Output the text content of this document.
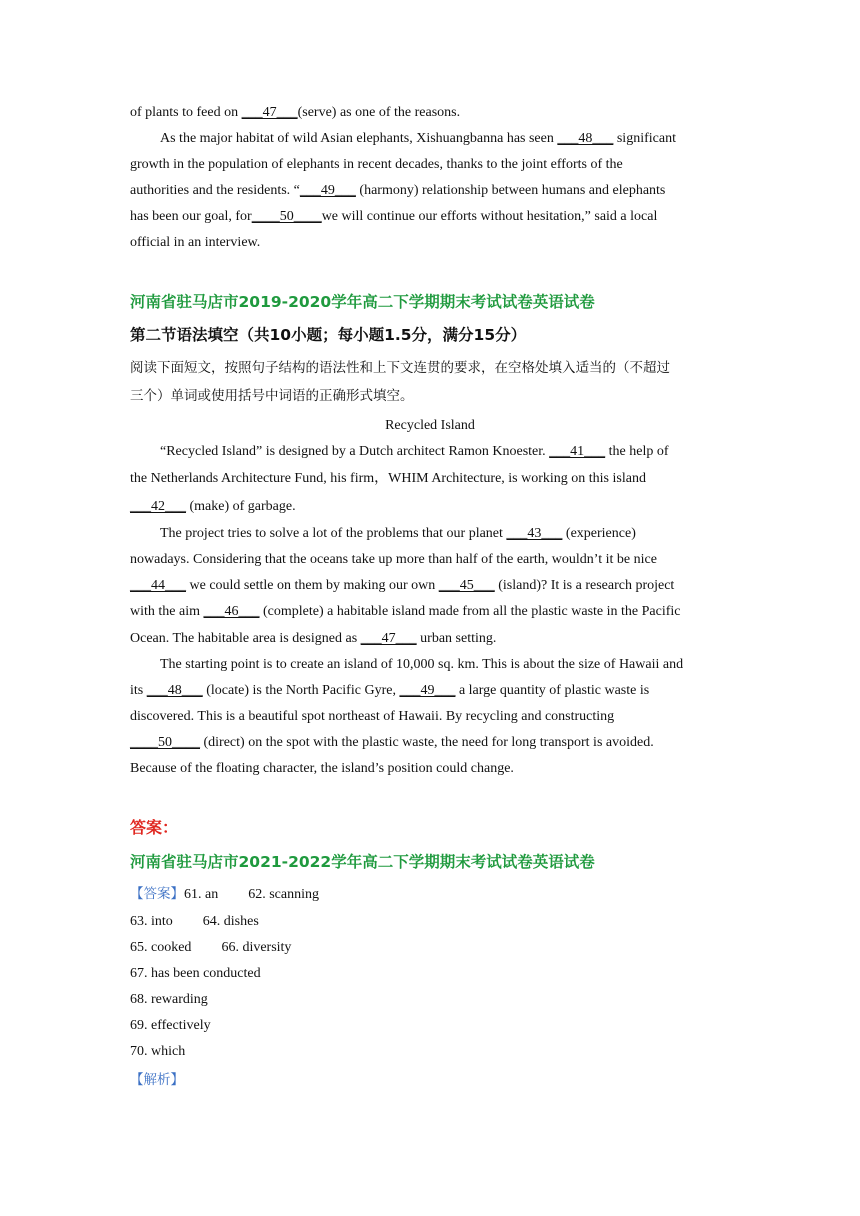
of plants to feed on ___47___(serve) as one of the reasons.
As the major habitat of wild Asian elephants, Xishuangbanna has seen ___48___ significant
growth in the population of elephants in recent decades, thanks to the joint efforts of the
authorities and the residents. “___49___ (harmony) relationship between humans and elephants
has been our goal, for____50____we will continue our efforts without hesitation,” said a local
official in an interview.
河南省驻马店市2019-2020学年高二下学期期末考试试卷英语试卷
第二节语法填空（共10小题；每小题1.5分，满分15分）
阅读下面短文，按照句子结构的语法性和上下文连贯的要求，在空格处填入适当的（不超过
三个）单词或使用括号中词语的正确形式填空。
Recycled Island
“Recycled Island” is designed by a Dutch architect Ramon Knoester. ___41___ the help of
the Netherlands Architecture Fund, his firm，WHIM Architecture, is working on this island
___42___ (make) of garbage.
The project tries to solve a lot of the problems that our planet ___43___ (experience)
nowadays. Considering that the oceans take up more than half of the earth, wouldn’t it be nice
___44___ we could settle on them by making our own ___45___ (island)? It is a research project
with the aim ___46___ (complete) a habitable island made from all the plastic waste in the Pacific
Ocean. The habitable area is designed as ___47___ urban setting.
The starting point is to create an island of 10,000 sq. km. This is about the size of Hawaii and
its ___48___ (locate) is the North Pacific Gyre, ___49___ a large quantity of plastic waste is
discovered. This is a beautiful spot northeast of Hawaii. By recycling and constructing
____50____ (direct) on the spot with the plastic waste, the need for long transport is avoided.
Because of the floating character, the island’s position could change.
答案：
河南省驻马店市2021-2022学年高二下学期期末考试试卷英语试卷
【答案】61. an 62. scanning
63. into 64. dishes
65. cooked 66. diversity
67. has been conducted
68. rewarding
69. effectively
70. which
【解析】
